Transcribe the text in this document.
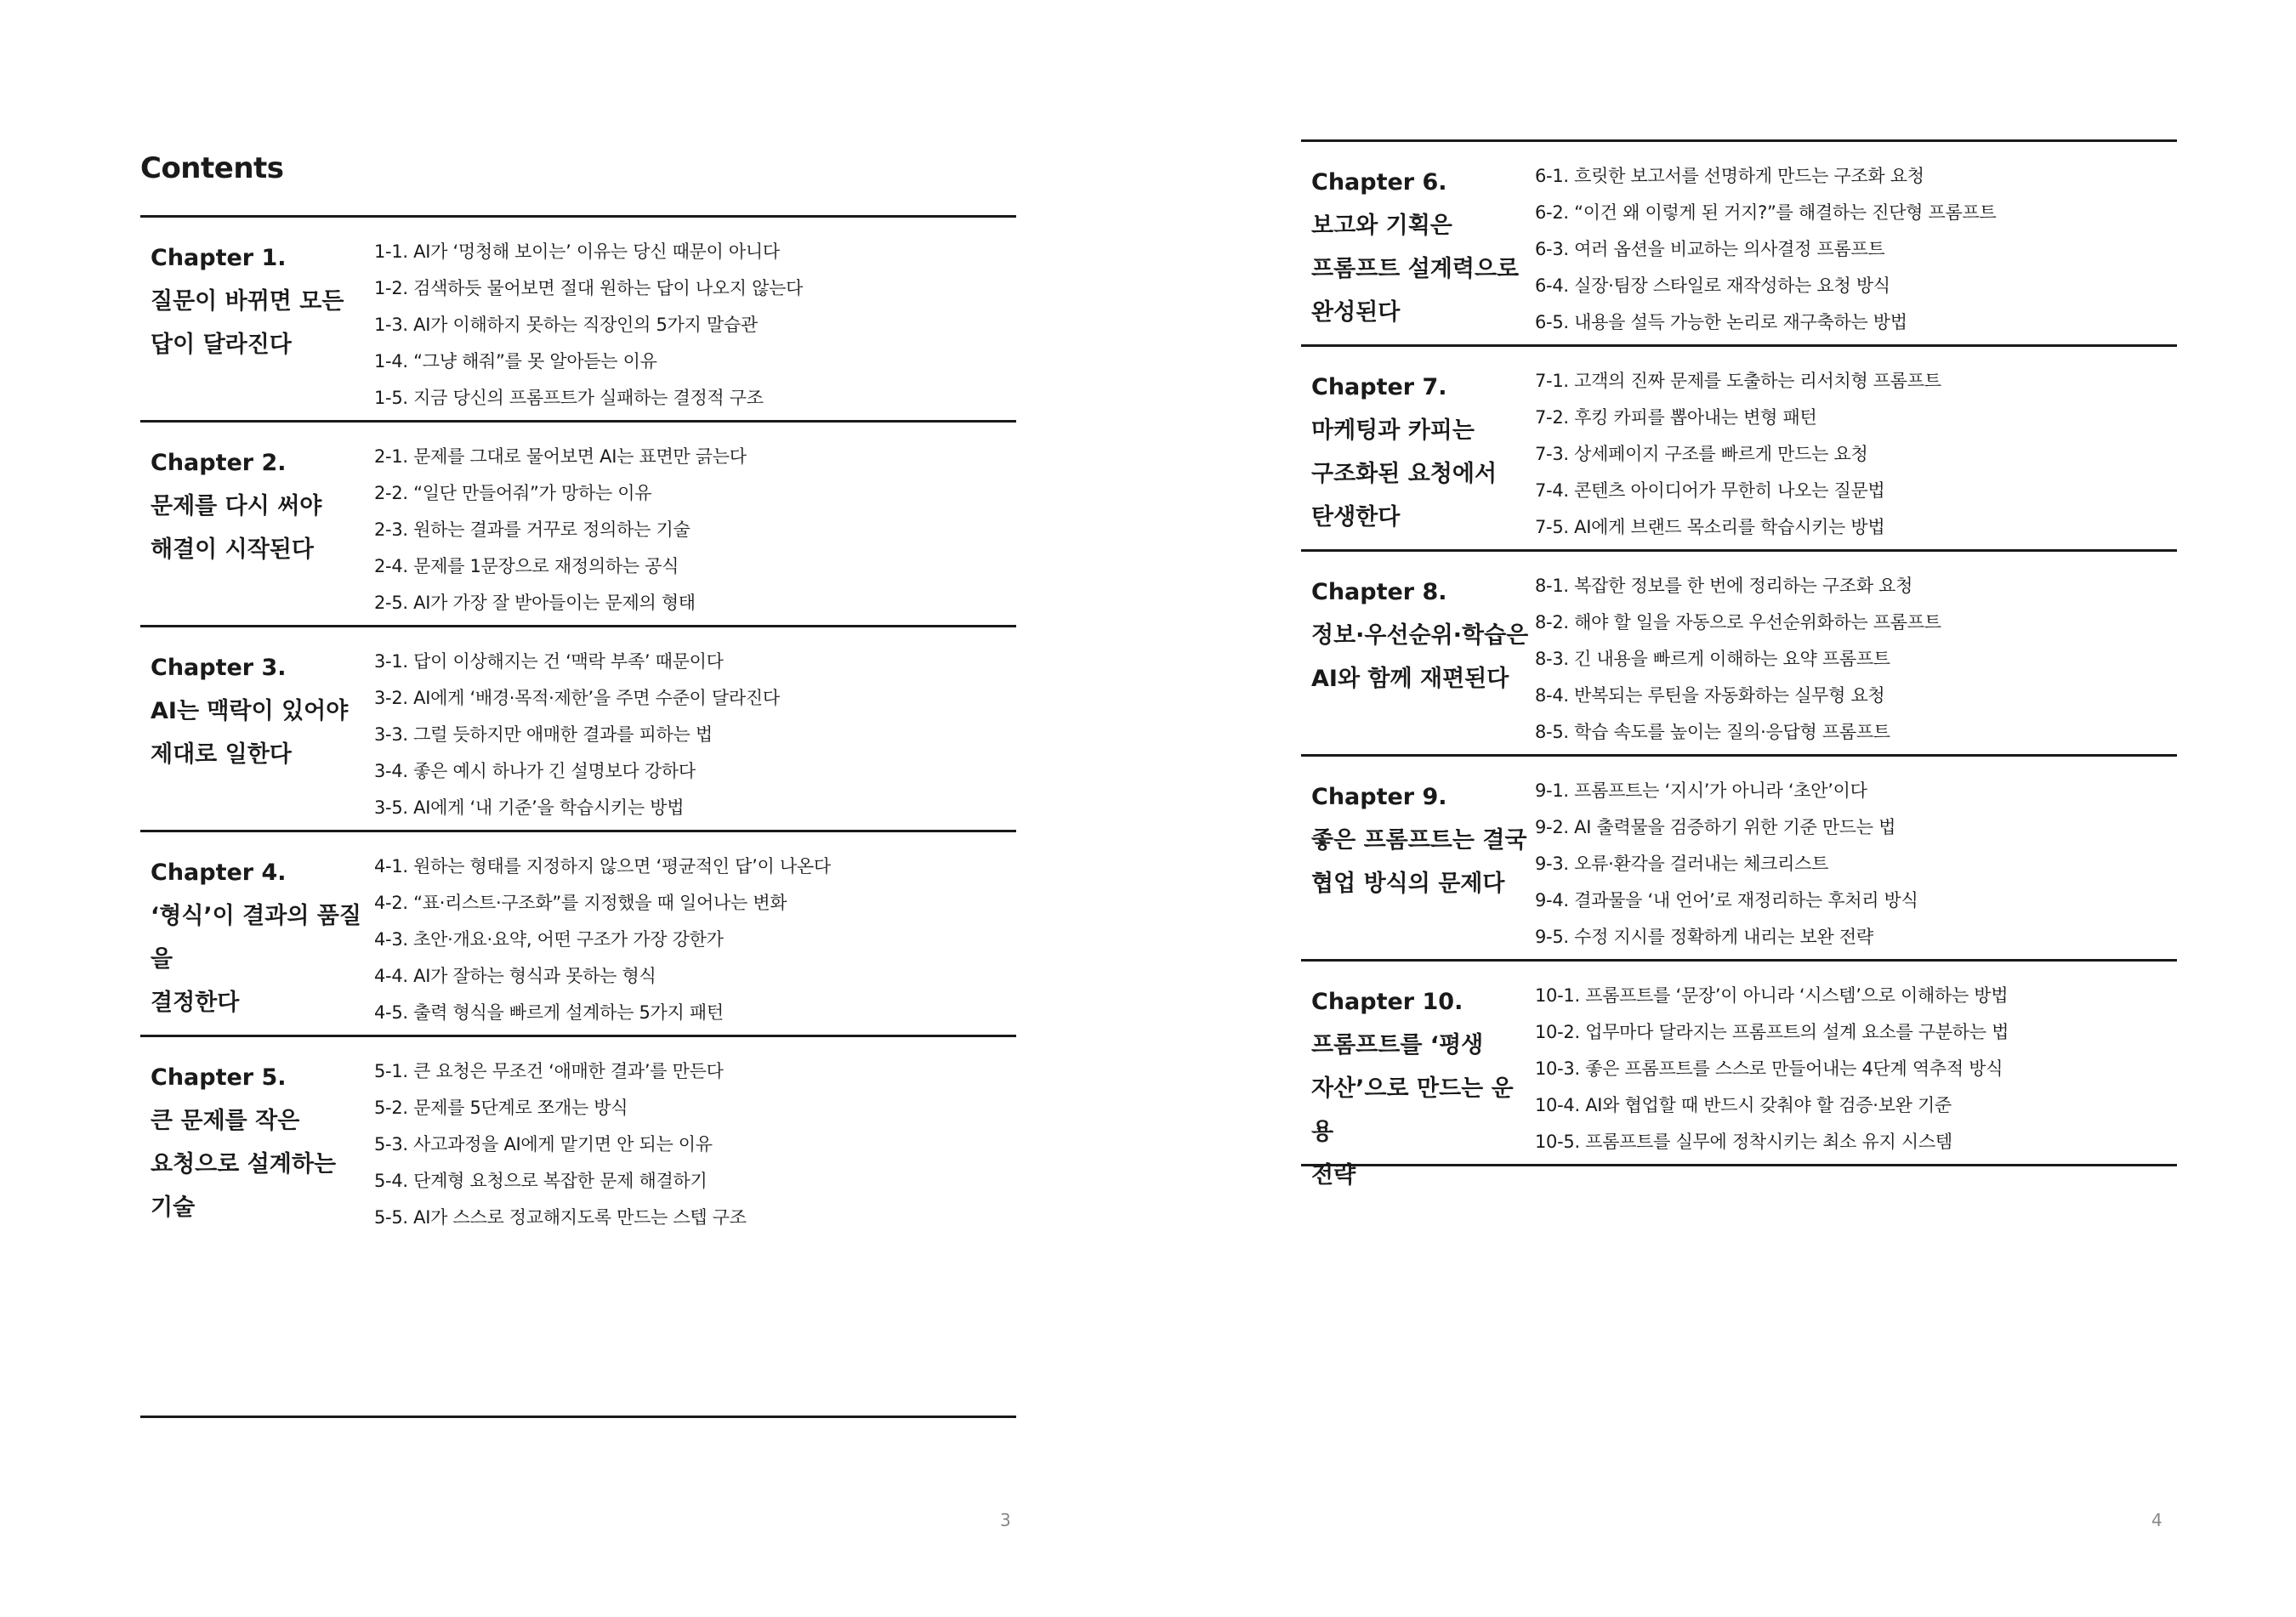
Contents
Chapter 1.
질문이 바뀌면 모든
답이 달라진다
1-1. AI가 ‘멍청해 보이는’ 이유는 당신 때문이 아니다
1-2. 검색하듯 물어보면 절대 원하는 답이 나오지 않는다
1-3. AI가 이해하지 못하는 직장인의 5가지 말습관
1-4. “그냥 해줘”를 못 알아듣는 이유
1-5. 지금 당신의 프롬프트가 실패하는 결정적 구조
Chapter 2.
문제를 다시 써야
해결이 시작된다
2-1. 문제를 그대로 물어보면 AI는 표면만 긁는다
2-2. “일단 만들어줘”가 망하는 이유
2-3. 원하는 결과를 거꾸로 정의하는 기술
2-4. 문제를 1문장으로 재정의하는 공식
2-5. AI가 가장 잘 받아들이는 문제의 형태
Chapter 3.
AI는 맥락이 있어야
제대로 일한다
3-1. 답이 이상해지는 건 ‘맥락 부족’ 때문이다
3-2. AI에게 ‘배경·목적·제한’을 주면 수준이 달라진다
3-3. 그럴 듯하지만 애매한 결과를 피하는 법
3-4. 좋은 예시 하나가 긴 설명보다 강하다
3-5. AI에게 ‘내 기준’을 학습시키는 방법
Chapter 4.
‘형식’이 결과의 품질을
결정한다
4-1. 원하는 형태를 지정하지 않으면 ‘평균적인 답’이 나온다
4-2. “표·리스트·구조화”를 지정했을 때 일어나는 변화
4-3. 초안·개요·요약, 어떤 구조가 가장 강한가
4-4. AI가 잘하는 형식과 못하는 형식
4-5. 출력 형식을 빠르게 설계하는 5가지 패턴
Chapter 5.
큰 문제를 작은
요청으로 설계하는
기술
5-1. 큰 요청은 무조건 ‘애매한 결과’를 만든다
5-2. 문제를 5단계로 쪼개는 방식
5-3. 사고과정을 AI에게 맡기면 안 되는 이유
5-4. 단계형 요청으로 복잡한 문제 해결하기
5-5. AI가 스스로 정교해지도록 만드는 스텝 구조
3
Chapter 6.
보고와 기획은
프롬프트 설계력으로
완성된다
6-1. 흐릿한 보고서를 선명하게 만드는 구조화 요청
6-2. “이건 왜 이렇게 된 거지?”를 해결하는 진단형 프롬프트
6-3. 여러 옵션을 비교하는 의사결정 프롬프트
6-4. 실장·팀장 스타일로 재작성하는 요청 방식
6-5. 내용을 설득 가능한 논리로 재구축하는 방법
Chapter 7.
마케팅과 카피는
구조화된 요청에서
탄생한다
7-1. 고객의 진짜 문제를 도출하는 리서치형 프롬프트
7-2. 후킹 카피를 뽑아내는 변형 패턴
7-3. 상세페이지 구조를 빠르게 만드는 요청
7-4. 콘텐츠 아이디어가 무한히 나오는 질문법
7-5. AI에게 브랜드 목소리를 학습시키는 방법
Chapter 8.
정보·우선순위·학습은
AI와 함께 재편된다
8-1. 복잡한 정보를 한 번에 정리하는 구조화 요청
8-2. 해야 할 일을 자동으로 우선순위화하는 프롬프트
8-3. 긴 내용을 빠르게 이해하는 요약 프롬프트
8-4. 반복되는 루틴을 자동화하는 실무형 요청
8-5. 학습 속도를 높이는 질의·응답형 프롬프트
Chapter 9.
좋은 프롬프트는 결국
협업 방식의 문제다
9-1. 프롬프트는 ‘지시’가 아니라 ‘초안’이다
9-2. AI 출력물을 검증하기 위한 기준 만드는 법
9-3. 오류·환각을 걸러내는 체크리스트
9-4. 결과물을 ‘내 언어’로 재정리하는 후처리 방식
9-5. 수정 지시를 정확하게 내리는 보완 전략
Chapter 10.
프롬프트를 ‘평생
자산’으로 만드는 운용
전략
10-1. 프롬프트를 ‘문장’이 아니라 ‘시스템’으로 이해하는 방법
10-2. 업무마다 달라지는 프롬프트의 설계 요소를 구분하는 법
10-3. 좋은 프롬프트를 스스로 만들어내는 4단계 역추적 방식
10-4. AI와 협업할 때 반드시 갖춰야 할 검증·보완 기준
10-5. 프롬프트를 실무에 정착시키는 최소 유지 시스템
4
